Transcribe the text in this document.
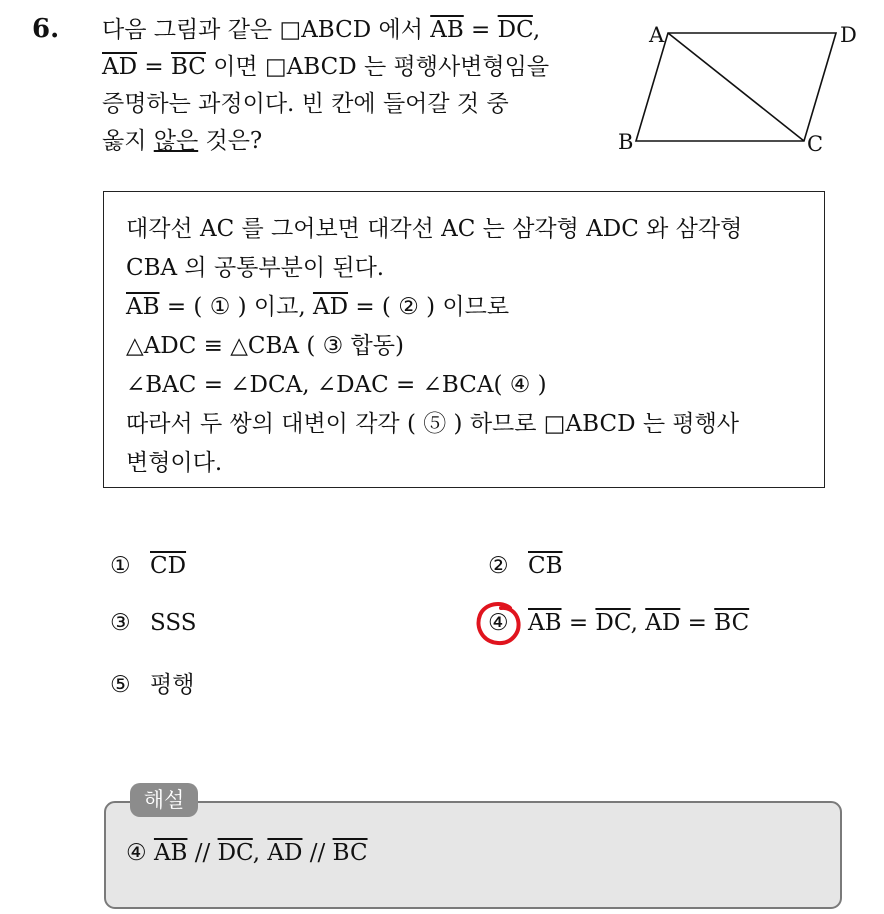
6. 다음 그림과 같은 □ABCD 에서 $\overline{AB} = \overline{DC}$,
$\overline{AD} = \overline{BC}$ 이면 □ABCD 는 평행사변형임을
증명하는 과정이다. 빈 칸에 들어갈 것 중
옳지 않은 것은?
A	D
B	C
대각선 AC 를 그어보면 대각선 AC 는 삼각형 ADC 와 삼각형
CBA 의 공통부분이 된다.
$\overline{AB}$ = ( ① ) 이고, $\overline{AD}$ = ( ② ) 이므로
△ADC ≡ △CBA ( ③ 합동)
∠BAC = ∠DCA, ∠DAC = ∠BCA( ④ )
따라서 두 쌍의 대변이 각각 ( ⑤ ) 하므로 □ABCD 는 평행사
변형이다.
① $\overline{CD}$	② $\overline{CB}$
③ SSS	④ $\overline{AB} = \overline{DC}$, $\overline{AD} = \overline{BC}$
⑤ 평행
해설
④ $\overline{AB} // \overline{DC}$, $\overline{AD} // \overline{BC}$
